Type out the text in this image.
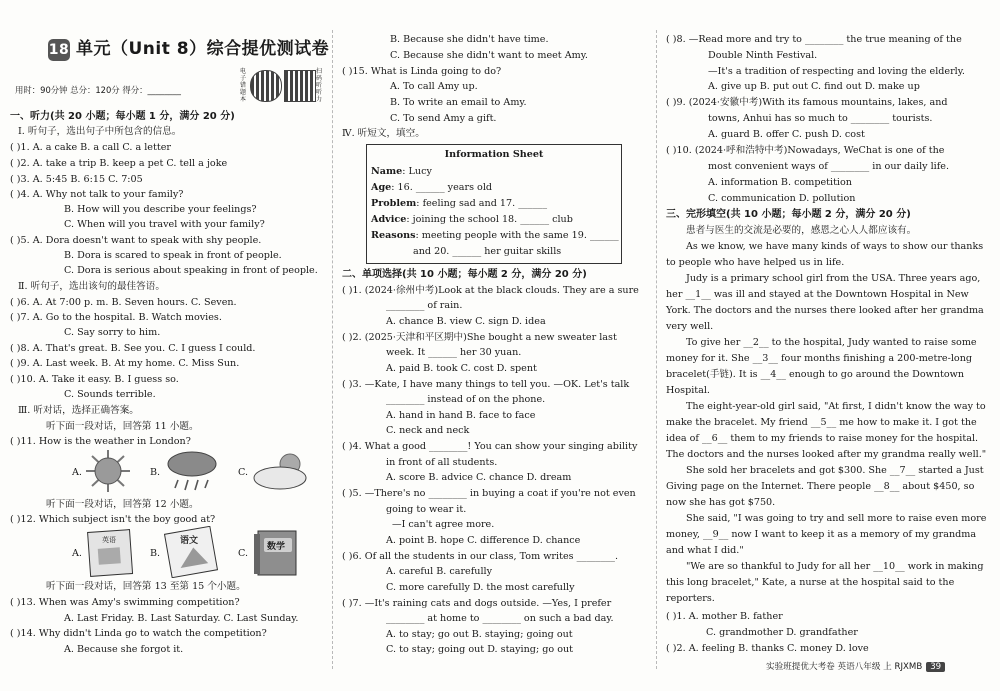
18 单元（Unit 8）综合提优测试卷
用时：90分钟 总分：120分 得分：________
电子错题本
扫码听听力
一、听力(共 20 小题；每小题 1 分，满分 20 分)
Ⅰ. 听句子，选出句子中所包含的信息。
( )1. A. a cake B. a call C. a letter
( )2. A. take a trip B. keep a pet C. tell a joke
( )3. A. 5:45 B. 6:15 C. 7:05
( )4. A. Why not talk to your family?
B. How will you describe your feelings?
C. When will you travel with your family?
( )5. A. Dora doesn't want to speak with shy people.
B. Dora is scared to speak in front of people.
C. Dora is serious about speaking in front of people.
Ⅱ. 听句子，选出该句的最佳答语。
( )6. A. At 7:00 p. m. B. Seven hours. C. Seven.
( )7. A. Go to the hospital. B. Watch movies.
C. Say sorry to him.
( )8. A. That's great. B. See you. C. I guess I could.
( )9. A. Last week. B. At my home. C. Miss Sun.
( )10. A. Take it easy. B. I guess so.
C. Sounds terrible.
Ⅲ. 听对话，选择正确答案。
听下面一段对话，回答第 11 小题。
( )11. How is the weather in London?
A.	B.	C.
听下面一段对话，回答第 12 小题。
( )12. Which subject isn't the boy good at?
A.
英语
B.
语文
C.
数学
听下面一段对话，回答第 13 至第 15 个小题。
( )13. When was Amy's swimming competition?
A. Last Friday. B. Last Saturday. C. Last Sunday.
( )14. Why didn't Linda go to watch the competition?
A. Because she forgot it.
B. Because she didn't have time.
C. Because she didn't want to meet Amy.
( )15. What is Linda going to do?
A. To call Amy up.
B. To write an email to Amy.
C. To send Amy a gift.
Ⅳ. 听短文，填空。
Information Sheet
Name: Lucy
Age: 16. ______ years old
Problem: feeling sad and 17. ______
Advice: joining the school 18. ______ club
Reasons: meeting people with the same 19. ______
and 20. ______ her guitar skills
二、单项选择(共 10 小题；每小题 2 分，满分 20 分)
( )1. (2024·徐州中考)Look at the black clouds. They are a sure
________ of rain.
A. chance B. view C. sign D. idea
( )2. (2025·天津和平区期中)She bought a new sweater last
week. It ______ her 30 yuan.
A. paid B. took C. cost D. spent
( )3. —Kate, I have many things to tell you. —OK. Let's talk
________ instead of on the phone.
A. hand in hand B. face to face
C. neck and neck
( )4. What a good ________! You can show your singing ability
in front of all students.
A. score B. advice C. chance D. dream
( )5. —There's no ________ in buying a coat if you're not even
going to wear it.
—I can't agree more.
A. point B. hope C. difference D. chance
( )6. Of all the students in our class, Tom writes ________.
A. careful B. carefully
C. more carefully D. the most carefully
( )7. —It's raining cats and dogs outside. —Yes, I prefer
________ at home to ________ on such a bad day.
A. to stay; go out B. staying; going out
C. to stay; going out D. staying; go out
( )8. —Read more and try to ________ the true meaning of the
Double Ninth Festival.
—It's a tradition of respecting and loving the elderly.
A. give up B. put out C. find out D. make up
( )9. (2024·安徽中考)With its famous mountains, lakes, and
towns, Anhui has so much to ________ tourists.
A. guard B. offer C. push D. cost
( )10. (2024·呼和浩特中考)Nowadays, WeChat is one of the
most convenient ways of ________ in our daily life.
A. information B. competition
C. communication D. pollution
三、完形填空(共 10 小题；每小题 2 分，满分 20 分)
患者与医生的交流是必要的，感恩之心人人都应该有。
As we know, we have many kinds of ways to show our thanks
to people who have helped us in life.
Judy is a primary school girl from the USA. Three years ago,
her __1__ was ill and stayed at the Downtown Hospital in New
York. The doctors and the nurses there looked after her grandma
very well.
To give her __2__ to the hospital, Judy wanted to raise some
money for it. She __3__ four months finishing a 200-metre-long
bracelet(手链). It is __4__ enough to go around the Downtown
Hospital.
The eight-year-old girl said, "At first, I didn't know the way to
make the bracelet. My friend __5__ me how to make it. I got the
idea of __6__ them to my friends to raise money for the hospital.
The doctors and the nurses looked after my grandma really well."
She sold her bracelets and got $300. She __7__ started a Just
Giving page on the Internet. There people __8__ about $450, so
now she has got $750.
She said, "I was going to try and sell more to raise even more
money, __9__ now I want to keep it as a memory of my grandma
and what I did."
"We are so thankful to Judy for all her __10__ work in making
this long bracelet," Kate, a nurse at the hospital said to the
reporters.
( )1. A. mother B. father
C. grandmother D. grandfather
( )2. A. feeling B. thanks C. money D. love
实验班提优大考卷 英语八年级 上 RJXMB 39
